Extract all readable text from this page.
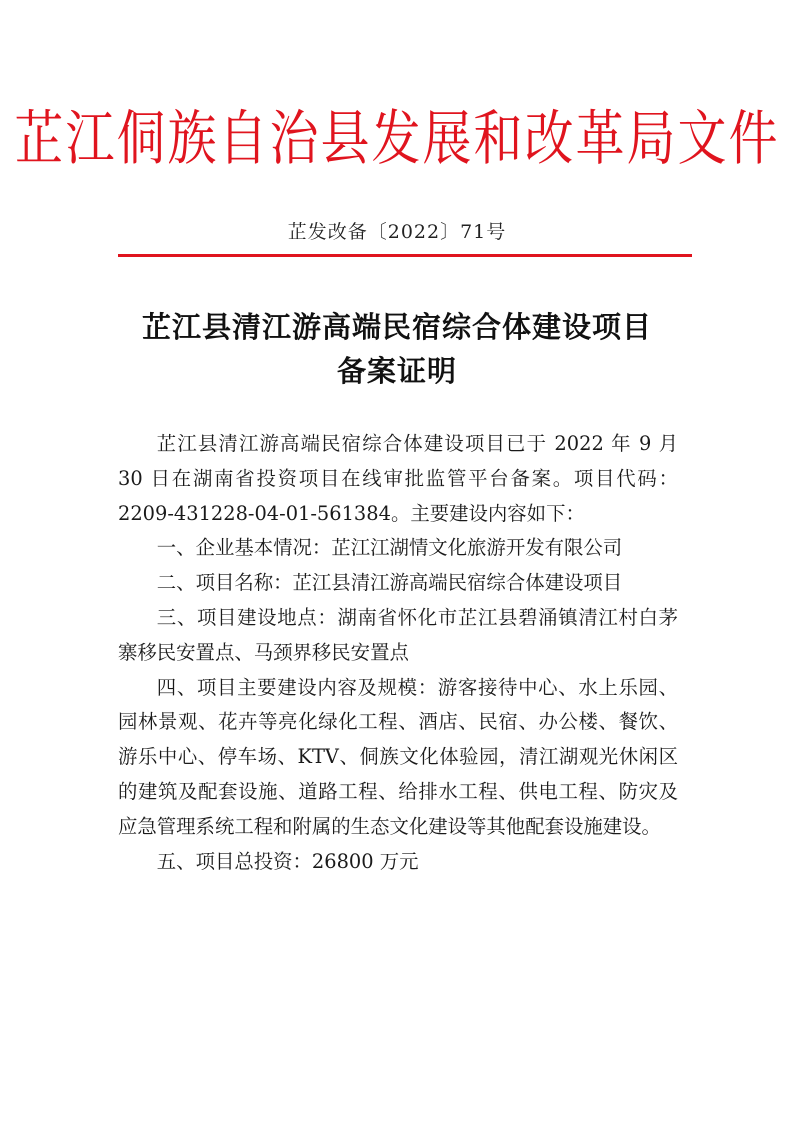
芷江侗族自治县发展和改革局文件
芷发改备〔2022〕71号
芷江县清江游高端民宿综合体建设项目
备案证明

芷江县清江游高端民宿综合体建设项目已于 2022 年 9 月 30 日在湖南省投资项目在线审批监管平台备案。项目代码：2209-431228-04-01-561384。主要建设内容如下：

一、企业基本情况：芷江江湖情文化旅游开发有限公司

二、项目名称：芷江县清江游高端民宿综合体建设项目

三、项目建设地点：湖南省怀化市芷江县碧涌镇清江村白茅寨移民安置点、马颈界移民安置点

四、项目主要建设内容及规模：游客接待中心、水上乐园、园林景观、花卉等亮化绿化工程、酒店、民宿、办公楼、餐饮、游乐中心、停车场、KTV、侗族文化体验园，清江湖观光休闲区的建筑及配套设施、道路工程、给排水工程、供电工程、防灾及应急管理系统工程和附属的生态文化建设等其他配套设施建设。

五、项目总投资：26800 万元
